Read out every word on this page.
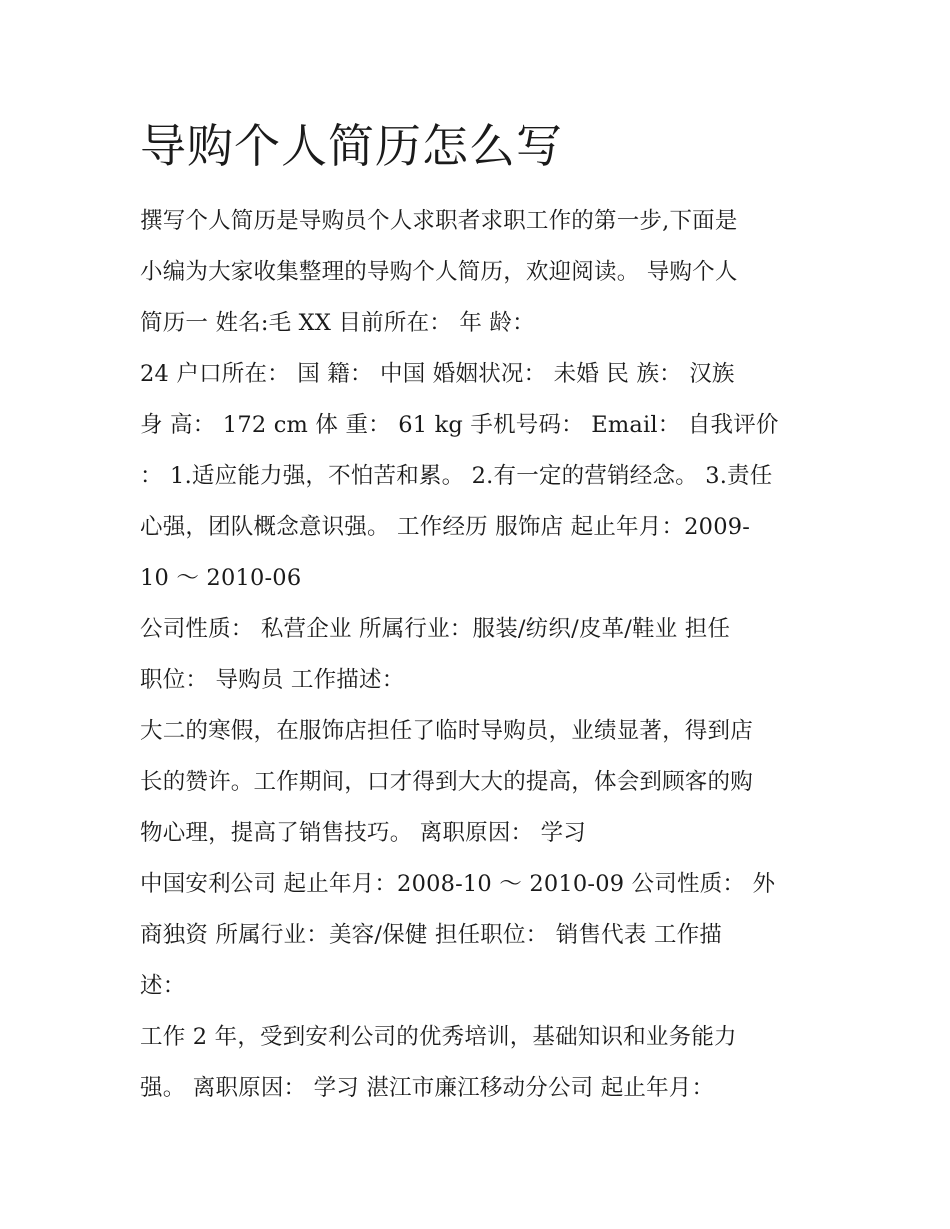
导购个人简历怎么写

撰写个人简历是导购员个人求职者求职工作的第一步,下面是

小编为大家收集整理的导购个人简历，欢迎阅读。 导购个人

简历一 姓名:毛 XX 目前所在： 年 龄：

24 户口所在： 国 籍： 中国 婚姻状况： 未婚 民 族： 汉族

身 高： 172 cm 体 重： 61 kg 手机号码： Email： 自我评价

： 1.适应能力强，不怕苦和累。 2.有一定的营销经念。 3.责任

心强，团队概念意识强。 工作经历 服饰店 起止年月：2009-

10 ～ 2010-06

公司性质： 私营企业 所属行业：服装/纺织/皮革/鞋业 担任

职位： 导购员 工作描述：

大二的寒假，在服饰店担任了临时导购员，业绩显著，得到店

长的赞许。工作期间，口才得到大大的提高，体会到顾客的购

物心理，提高了销售技巧。 离职原因： 学习

中国安利公司 起止年月：2008-10 ～ 2010-09 公司性质： 外

商独资 所属行业：美容/保健 担任职位： 销售代表 工作描

述：

工作 2 年，受到安利公司的优秀培训，基础知识和业务能力

强。 离职原因： 学习 湛江市廉江移动分公司 起止年月：
